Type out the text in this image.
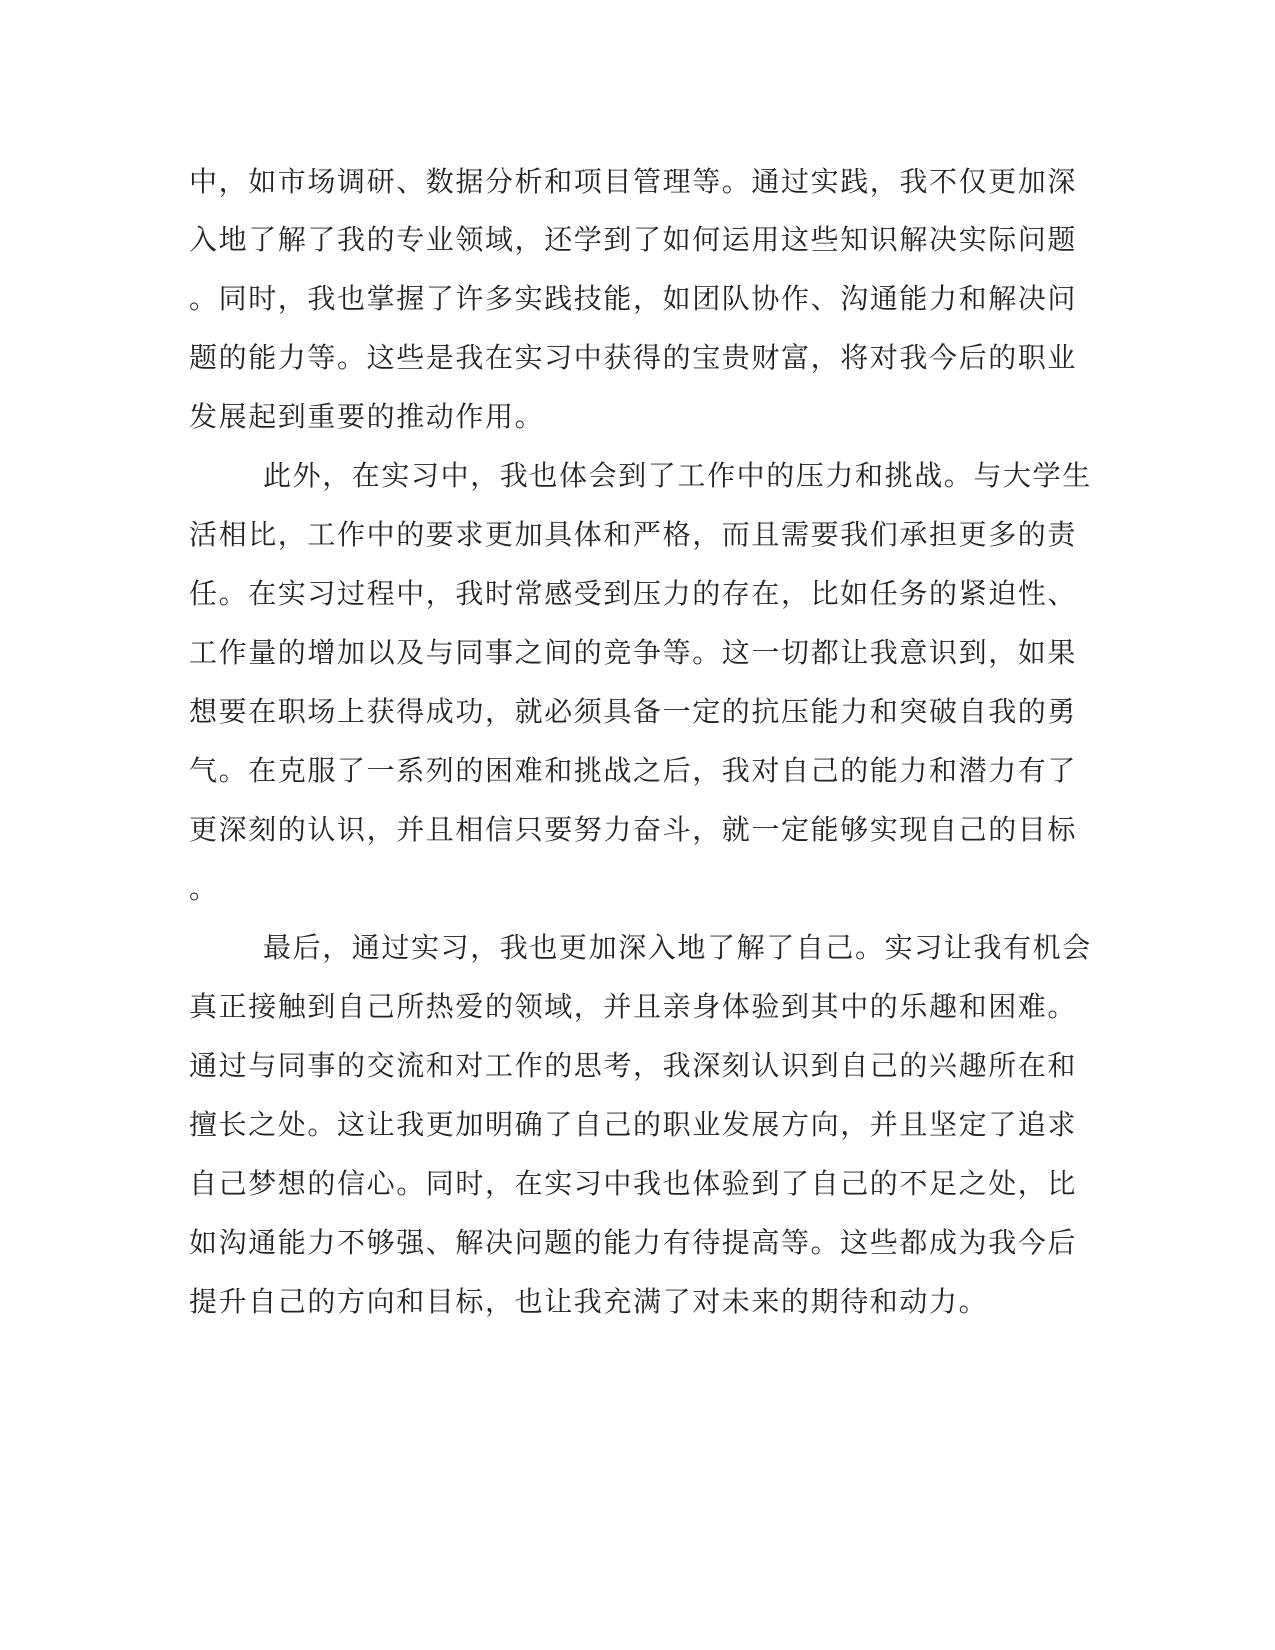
中，如市场调研、数据分析和项目管理等。通过实践，我不仅更加深
入地了解了我的专业领域，还学到了如何运用这些知识解决实际问题
。同时，我也掌握了许多实践技能，如团队协作、沟通能力和解决问
题的能力等。这些是我在实习中获得的宝贵财富，将对我今后的职业
发展起到重要的推动作用。
此外，在实习中，我也体会到了工作中的压力和挑战。与大学生
活相比，工作中的要求更加具体和严格，而且需要我们承担更多的责
任。在实习过程中，我时常感受到压力的存在，比如任务的紧迫性、
工作量的增加以及与同事之间的竞争等。这一切都让我意识到，如果
想要在职场上获得成功，就必须具备一定的抗压能力和突破自我的勇
气。在克服了一系列的困难和挑战之后，我对自己的能力和潜力有了
更深刻的认识，并且相信只要努力奋斗，就一定能够实现自己的目标
。
最后，通过实习，我也更加深入地了解了自己。实习让我有机会
真正接触到自己所热爱的领域，并且亲身体验到其中的乐趣和困难。
通过与同事的交流和对工作的思考，我深刻认识到自己的兴趣所在和
擅长之处。这让我更加明确了自己的职业发展方向，并且坚定了追求
自己梦想的信心。同时，在实习中我也体验到了自己的不足之处，比
如沟通能力不够强、解决问题的能力有待提高等。这些都成为我今后
提升自己的方向和目标，也让我充满了对未来的期待和动力。
